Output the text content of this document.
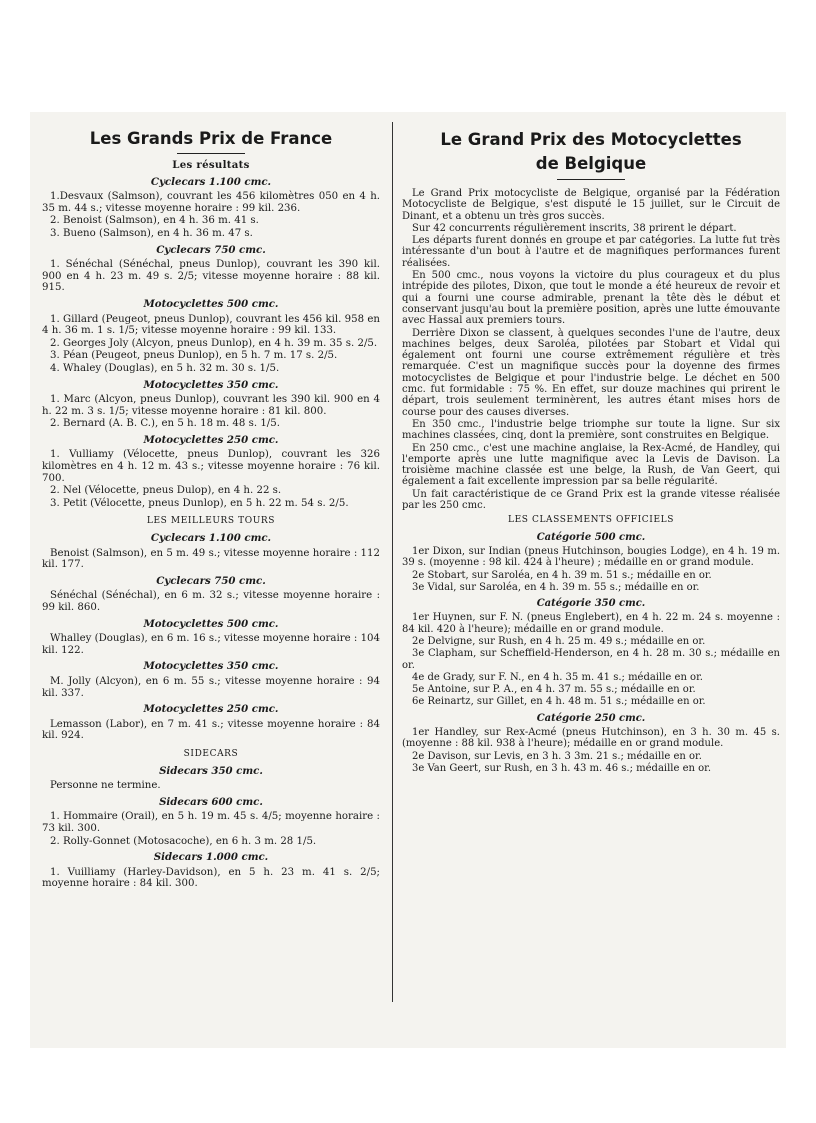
Les Grands Prix de France
Les résultats
Cyclecars 1.100 cmc.

1.Desvaux (Salmson), couvrant les 456 kilomètres 050 en 4 h. 35 m. 44 s.; vitesse moyenne horaire : 99 kil. 236.

2. Benoist (Salmson), en 4 h. 36 m. 41 s.

3. Bueno (Salmson), en 4 h. 36 m. 47 s.

Cyclecars 750 cmc.

1. Sénéchal (Sénéchal, pneus Dunlop), couvrant les 390 kil. 900 en 4 h. 23 m. 49 s. 2/5; vitesse moyenne horaire : 88 kil. 915.

Motocyclettes 500 cmc.

1. Gillard (Peugeot, pneus Dunlop), couvrant les 456 kil. 958 en 4 h. 36 m. 1 s. 1/5; vitesse moyenne horaire : 99 kil. 133.

2. Georges Joly (Alcyon, pneus Dunlop), en 4 h. 39 m. 35 s. 2/5.

3. Péan (Peugeot, pneus Dunlop), en 5 h. 7 m. 17 s. 2/5.

4. Whaley (Douglas), en 5 h. 32 m. 30 s. 1/5.

Motocyclettes 350 cmc.

1. Marc (Alcyon, pneus Dunlop), couvrant les 390 kil. 900 en 4 h. 22 m. 3 s. 1/5; vitesse moyenne horaire : 81 kil. 800.

2. Bernard (A. B. C.), en 5 h. 18 m. 48 s. 1/5.

Motocyclettes 250 cmc.

1. Vulliamy (Vélocette, pneus Dunlop), couvrant les 326 kilomètres en 4 h. 12 m. 43 s.; vitesse moyenne horaire : 76 kil. 700.

2. Nel (Vélocette, pneus Dulop), en 4 h. 22 s.

3. Petit (Vélocette, pneus Dunlop), en 5 h. 22 m. 54 s. 2/5.

LES MEILLEURS TOURS
Cyclecars 1.100 cmc.

Benoist (Salmson), en 5 m. 49 s.; vitesse moyenne horaire : 112 kil. 177.

Cyclecars 750 cmc.

Sénéchal (Sénéchal), en 6 m. 32 s.; vitesse moyenne horaire : 99 kil. 860.

Motocyclettes 500 cmc.

Whalley (Douglas), en 6 m. 16 s.; vitesse moyenne horaire : 104 kil. 122.

Motocyclettes 350 cmc.

M. Jolly (Alcyon), en 6 m. 55 s.; vitesse moyenne horaire : 94 kil. 337.

Motocyclettes 250 cmc.

Lemasson (Labor), en 7 m. 41 s.; vitesse moyenne horaire : 84 kil. 924.

SIDECARS
Sidecars 350 cmc.

Personne ne termine.

Sidecars 600 cmc.

1. Hommaire (Orail), en 5 h. 19 m. 45 s. 4/5; moyenne horaire : 73 kil. 300.

2. Rolly-Gonnet (Motosacoche), en 6 h. 3 m. 28 1/5.

Sidecars 1.000 cmc.

1. Vuilliamy (Harley-Davidson), en 5 h. 23 m. 41 s. 2/5; moyenne horaire : 84 kil. 300.

Le Grand Prix des Motocyclettes
de Belgique

Le Grand Prix motocycliste de Belgique, organisé par la Fédération Motocycliste de Belgique, s'est disputé le 15 juillet, sur le Circuit de Dinant, et a obtenu un très gros succès.

Sur 42 concurrents régulièrement inscrits, 38 prirent le départ.

Les départs furent donnés en groupe et par catégories. La lutte fut très intéressante d'un bout à l'autre et de magnifiques performances furent réalisées.

En 500 cmc., nous voyons la victoire du plus courageux et du plus intrépide des pilotes, Dixon, que tout le monde a été heureux de revoir et qui a fourni une course admirable, prenant la tête dès le début et conservant jusqu'au bout la première position, après une lutte émouvante avec Hassal aux premiers tours.

Derrière Dixon se classent, à quelques secondes l'une de l'autre, deux machines belges, deux Saroléa, pilotées par Stobart et Vidal qui également ont fourni une course extrêmement régulière et très remarquée. C'est un magnifique succès pour la doyenne des firmes motocyclistes de Belgique et pour l'industrie belge. Le déchet en 500 cmc. fut formidable : 75 %. En effet, sur douze machines qui prirent le départ, trois seulement terminèrent, les autres étant mises hors de course pour des causes diverses.

En 350 cmc., l'industrie belge triomphe sur toute la ligne. Sur six machines classées, cinq, dont la première, sont construites en Belgique.

En 250 cmc., c'est une machine anglaise, la Rex-Acmé, de Handley, qui l'emporte après une lutte magnifique avec la Levis de Davison. La troisième machine classée est une belge, la Rush, de Van Geert, qui également a fait excellente impression par sa belle régularité.

Un fait caractéristique de ce Grand Prix est la grande vitesse réalisée par les 250 cmc.

LES CLASSEMENTS OFFICIELS
Catégorie 500 cmc.

1er Dixon, sur Indian (pneus Hutchinson, bougies Lodge), en 4 h. 19 m. 39 s. (moyenne : 98 kil. 424 à l'heure) ; médaille en or grand module.

2e Stobart, sur Saroléa, en 4 h. 39 m. 51 s.; médaille en or.

3e Vidal, sur Saroléa, en 4 h. 39 m. 55 s.; médaille en or.

Catégorie 350 cmc.

1er Huynen, sur F. N. (pneus Englebert), en 4 h. 22 m. 24 s. moyenne : 84 kil. 420 à l'heure); médaille en or grand module.

2e Delvigne, sur Rush, en 4 h. 25 m. 49 s.; médaille en or.

3e Clapham, sur Scheffield-Henderson, en 4 h. 28 m. 30 s.; médaille en or.

4e de Grady, sur F. N., en 4 h. 35 m. 41 s.; médaille en or.

5e Antoine, sur P. A., en 4 h. 37 m. 55 s.; médaille en or.

6e Reinartz, sur Gillet, en 4 h. 48 m. 51 s.; médaille en or.

Catégorie 250 cmc.

1er Handley, sur Rex-Acmé (pneus Hutchinson), en 3 h. 30 m. 45 s. (moyenne : 88 kil. 938 à l'heure); médaille en or grand module.

2e Davison, sur Levis, en 3 h. 3 3m. 21 s.; médaille en or.

3e Van Geert, sur Rush, en 3 h. 43 m. 46 s.; médaille en or.
